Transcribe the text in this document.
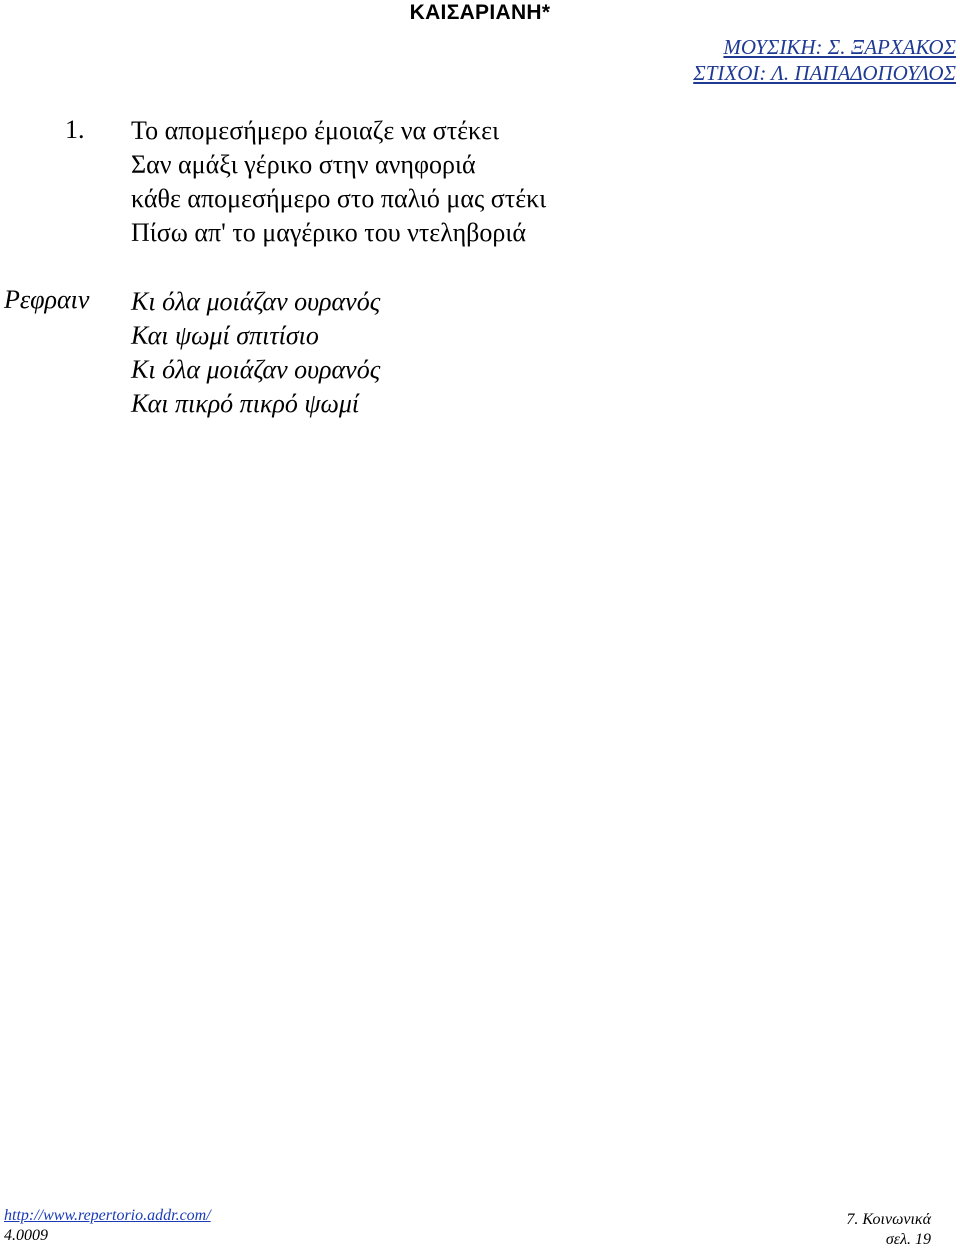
ΚΑΙΣΑΡΙΑΝΗ*
ΜΟΥΣΙΚΗ: Σ. ΞΑΡΧΑΚΟΣ
ΣΤΙΧΟΙ: Λ. ΠΑΠΑΔΟΠΟΥΛΟΣ
1. Το απομεσήμερο έμοιαζε να στέκει
Σαν αμάξι γέρικο στην ανηφοριά
κάθε απομεσήμερο στο παλιό μας στέκι
Πίσω απ' το μαγέρικο του ντεληβοριά
Ρεφραιν Κι όλα μοιάζαν ουρανός
Και ψωμί σπιτίσιο
Κι όλα μοιάζαν ουρανός
Και πικρό πικρό ψωμί
http://www.repertorio.addr.com/
4.0009
7. Κοινωνικά
σελ. 19
